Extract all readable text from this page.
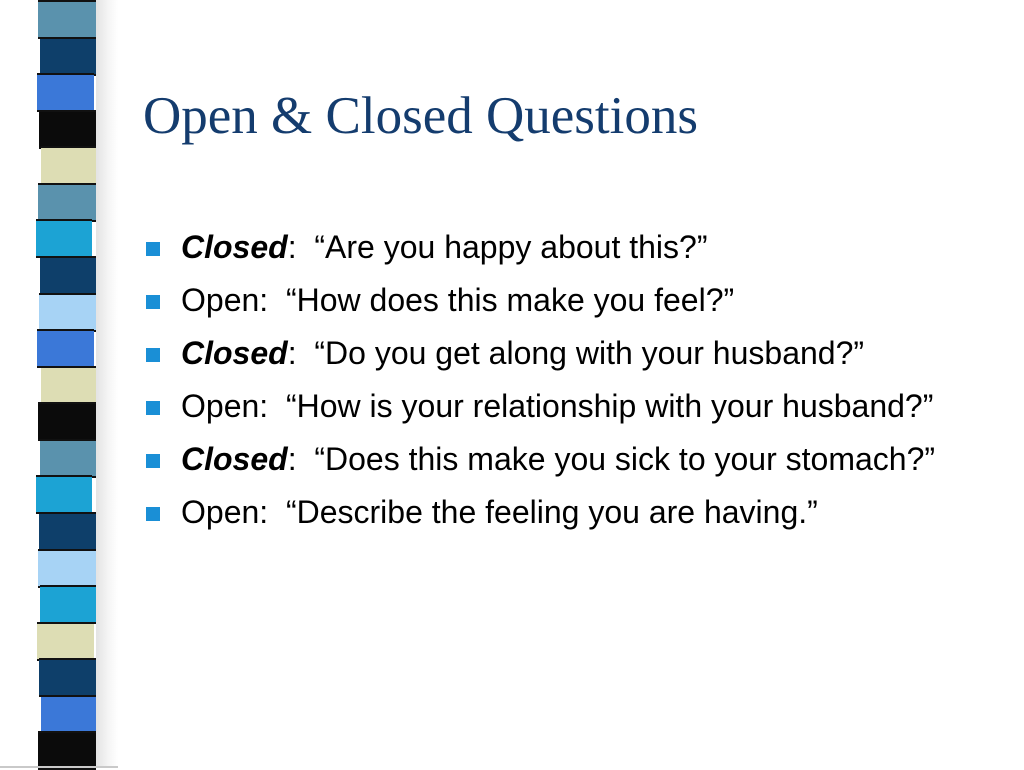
Open & Closed Questions
Closed:  “Are you happy about this?”
Open:  “How does this make you feel?”
Closed:  “Do you get along with your husband?”
Open:  “How is your relationship with your husband?”
Closed:  “Does this make you sick to your stomach?”
Open:  “Describe the feeling you are having.”
